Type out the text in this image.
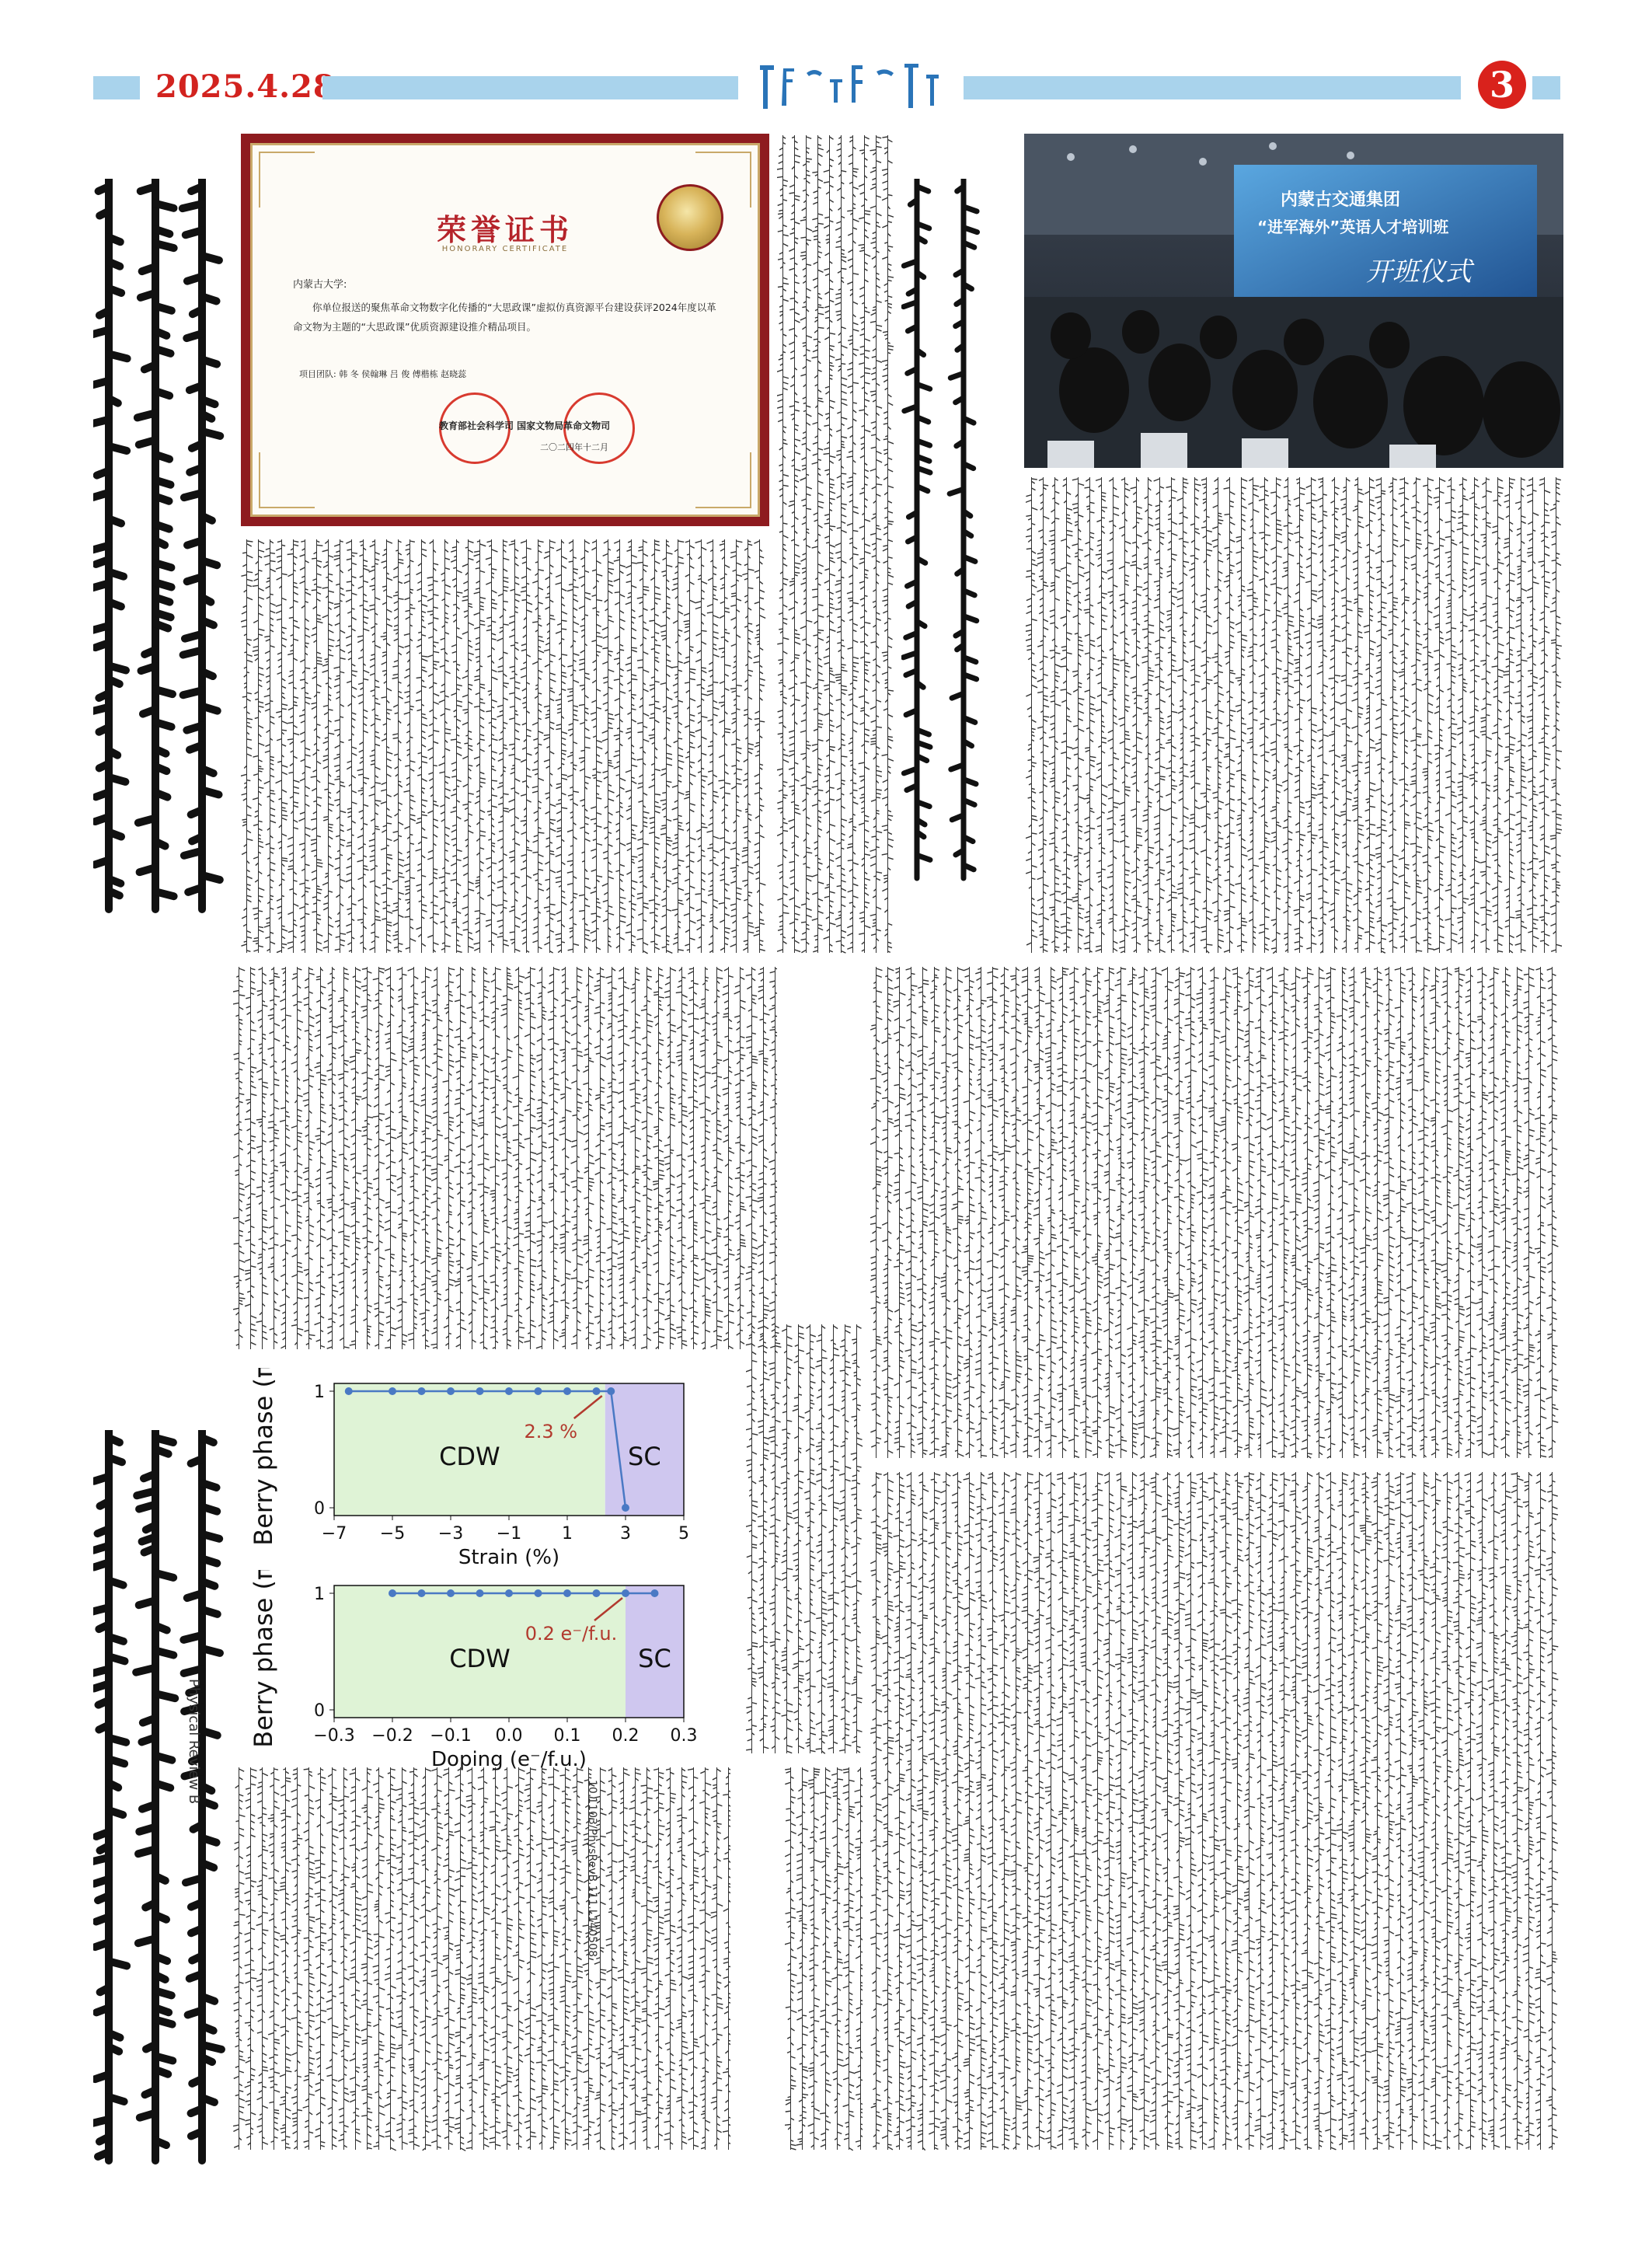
2025.4.28	3
荣誉证书
HONORARY CERTIFICATE
内蒙古大学:
你单位报送的聚焦革命文物数字化传播的“大思政课”虚拟仿真资源平台建设获评2024年度以革命文物为主题的“大思政课”优质资源建设推介精品项目。
项目团队: 韩 冬 侯翰琳 吕 俊 傅楷栋 赵晓蕊
教育部社会科学司 国家文物局革命文物司
二〇二四年十二月
内蒙古交通集团
“进军海外”英语人才培训班
开班仪式
Physical Review B
10.1103/PhysRevB.111.L140508
CDW	SC
−7 −5 −3 −1 1	3	5
0
1
2.3 %
Strain (%)
Berry phase (π)
CDW	SC
−0.3 −0.2 −0.1 0.0 0.1 0.2 0.3
0
1
0.2 e⁻/f.u.
Doping (e⁻/f.u.)
Berry phase (π)
